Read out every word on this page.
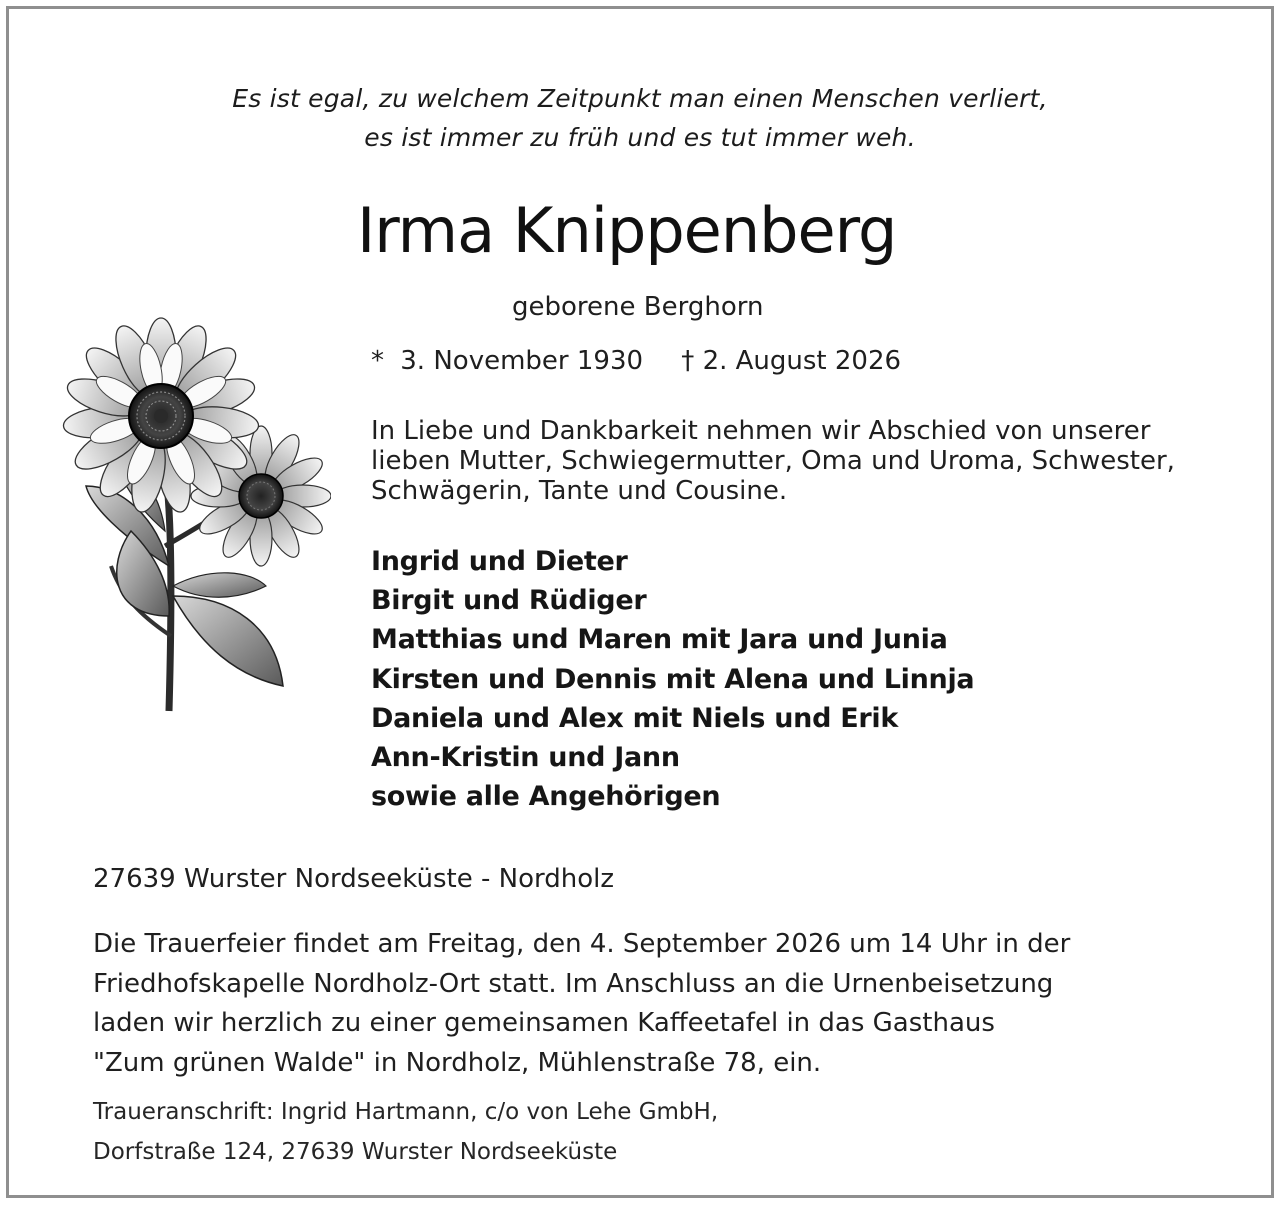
Es ist egal, zu welchem Zeitpunkt man einen Menschen verliert,
es ist immer zu früh und es tut immer weh.
Irma Knippenberg
geborene Berghorn
* 3. November 1930 † 2. August 2026
In Liebe und Dankbarkeit nehmen wir Abschied von unserer
lieben Mutter, Schwiegermutter, Oma und Uroma, Schwester,
Schwägerin, Tante und Cousine.
Ingrid und Dieter
Birgit und Rüdiger
Matthias und Maren mit Jara und Junia
Kirsten und Dennis mit Alena und Linnja
Daniela und Alex mit Niels und Erik
Ann-Kristin und Jann
sowie alle Angehörigen
27639 Wurster Nordseeküste - Nordholz
Die Trauerfeier findet am Freitag, den 4. September 2026 um 14 Uhr in der
Friedhofskapelle Nordholz-Ort statt. Im Anschluss an die Urnenbeisetzung
laden wir herzlich zu einer gemeinsamen Kaffeetafel in das Gasthaus
"Zum grünen Walde" in Nordholz, Mühlenstraße 78, ein.
Traueranschrift: Ingrid Hartmann, c/o von Lehe GmbH,
Dorfstraße 124, 27639 Wurster Nordseeküste
